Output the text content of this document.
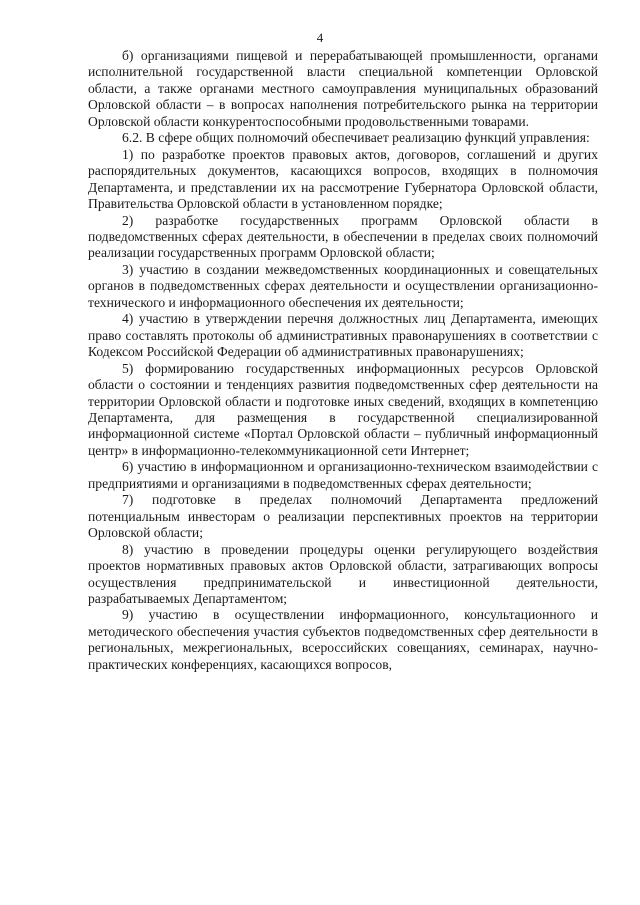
4

б) организациями пищевой и перерабатывающей промышленности, органами исполнительной государственной власти специальной компетенции Орловской области, а также органами местного самоуправления муниципальных образований Орловской области – в вопросах наполнения потребительского рынка на территории Орловской области конкурентоспособными продовольственными товарами.

6.2. В сфере общих полномочий обеспечивает реализацию функций управления:

1) по разработке проектов правовых актов, договоров, соглашений и других распорядительных документов, касающихся вопросов, входящих в полномочия Департамента, и представлении их на рассмотрение Губернатора Орловской области, Правительства Орловской области в установленном порядке;

2) разработке государственных программ Орловской области в подведомственных сферах деятельности, в обеспечении в пределах своих полномочий реализации государственных программ Орловской области;

3) участию в создании межведомственных координационных и совещательных органов в подведомственных сферах деятельности и осуществлении организационно-технического и информационного обеспечения их деятельности;

4) участию в утверждении перечня должностных лиц Департамента, имеющих право составлять протоколы об административных правонарушениях в соответствии с Кодексом Российской Федерации об административных правонарушениях;

5) формированию государственных информационных ресурсов Орловской области о состоянии и тенденциях развития подведомственных сфер деятельности на территории Орловской области и подготовке иных сведений, входящих в компетенцию Департамента, для размещения в государственной специализированной информационной системе «Портал Орловской области – публичный информационный центр» в информационно-телекоммуникационной сети Интернет;

6) участию в информационном и организационно-техническом взаимодействии с предприятиями и организациями в подведомственных сферах деятельности;

7) подготовке в пределах полномочий Департамента предложений потенциальным инвесторам о реализации перспективных проектов на территории Орловской области;

8) участию в проведении процедуры оценки регулирующего воздействия проектов нормативных правовых актов Орловской области, затрагивающих вопросы осуществления предпринимательской и инвестиционной деятельности, разрабатываемых Департаментом;

9) участию в осуществлении информационного, консультационного и методического обеспечения участия субъектов подведомственных сфер деятельности в региональных, межрегиональных, всероссийских совещаниях, семинарах, научно-практических конференциях, касающихся вопросов,
